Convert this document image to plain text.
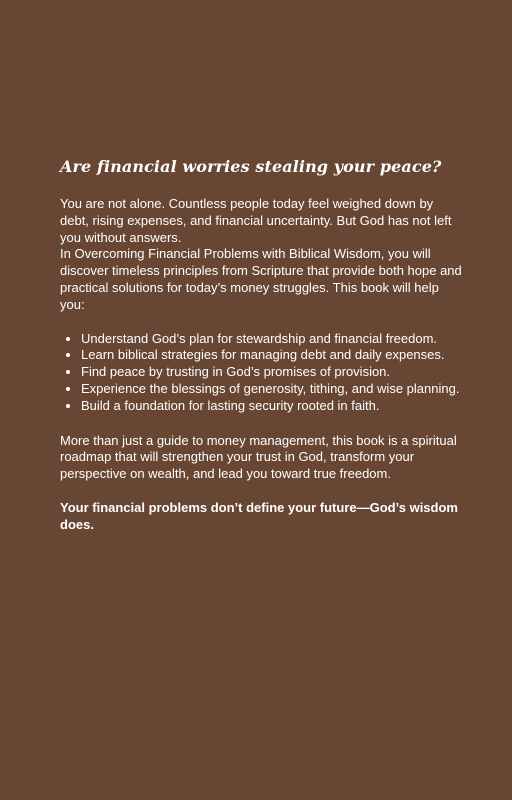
Are financial worries stealing your peace?

You are not alone. Countless people today feel weighed down by debt, rising expenses, and financial uncertainty. But God has not left you without answers.

In Overcoming Financial Problems with Biblical Wisdom, you will discover timeless principles from Scripture that provide both hope and practical solutions for today’s money struggles. This book will help you:

• Understand God’s plan for stewardship and financial freedom.
• Learn biblical strategies for managing debt and daily expenses.
• Find peace by trusting in God’s promises of provision.
• Experience the blessings of generosity, tithing, and wise planning.
• Build a foundation for lasting security rooted in faith.

More than just a guide to money management, this book is a spiritual roadmap that will strengthen your trust in God, transform your perspective on wealth, and lead you toward true freedom.

Your financial problems don’t define your future—God’s wisdom does.
